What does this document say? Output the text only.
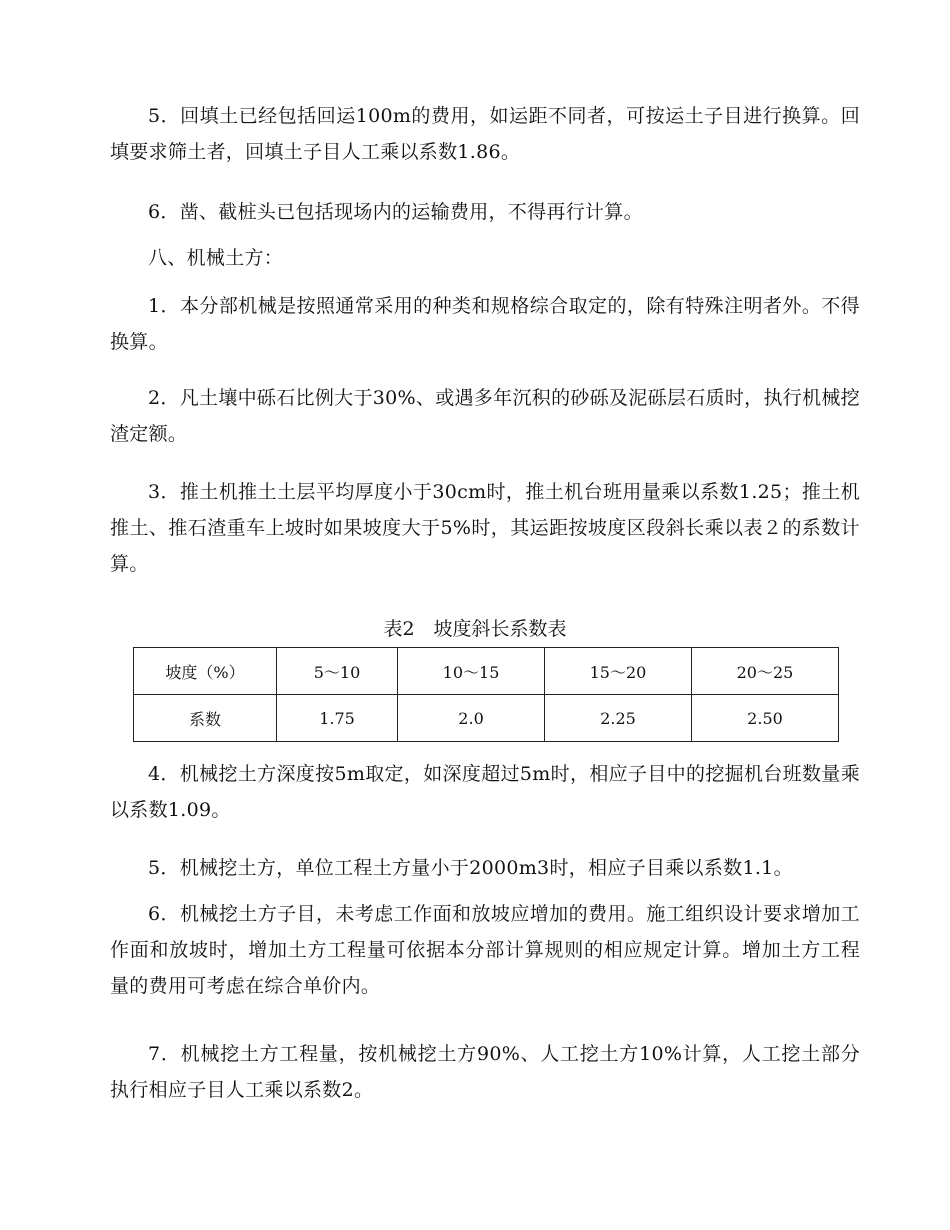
5．回填土已经包括回运100m的费用，如运距不同者，可按运土子目进行换算。回填要求筛土者，回填土子目人工乘以系数1.86。

6．凿、截桩头已包括现场内的运输费用，不得再行计算。

八、机械土方：

1．本分部机械是按照通常采用的种类和规格综合取定的，除有特殊注明者外。不得换算。

2．凡土壤中砾石比例大于30%、或遇多年沉积的砂砾及泥砾层石质时，执行机械挖渣定额。

3．推土机推土土层平均厚度小于30cm时，推土机台班用量乘以系数1.25；推土机推土、推石渣重车上坡时如果坡度大于5%时，其运距按坡度区段斜长乘以表２的系数计算。

表2　坡度斜长系数表
坡度（%）	5～10	10～15	15～20	20～25
系数	1.75	2.0	2.25	2.50

4．机械挖土方深度按5m取定，如深度超过5m时，相应子目中的挖掘机台班数量乘以系数1.09。

5．机械挖土方，单位工程土方量小于2000m3时，相应子目乘以系数1.1。

6．机械挖土方子目，未考虑工作面和放坡应增加的费用。施工组织设计要求增加工作面和放坡时，增加土方工程量可依据本分部计算规则的相应规定计算。增加土方工程量的费用可考虑在综合单价内。

7．机械挖土方工程量，按机械挖土方90%、人工挖土方10%计算，人工挖土部分执行相应子目人工乘以系数2。
